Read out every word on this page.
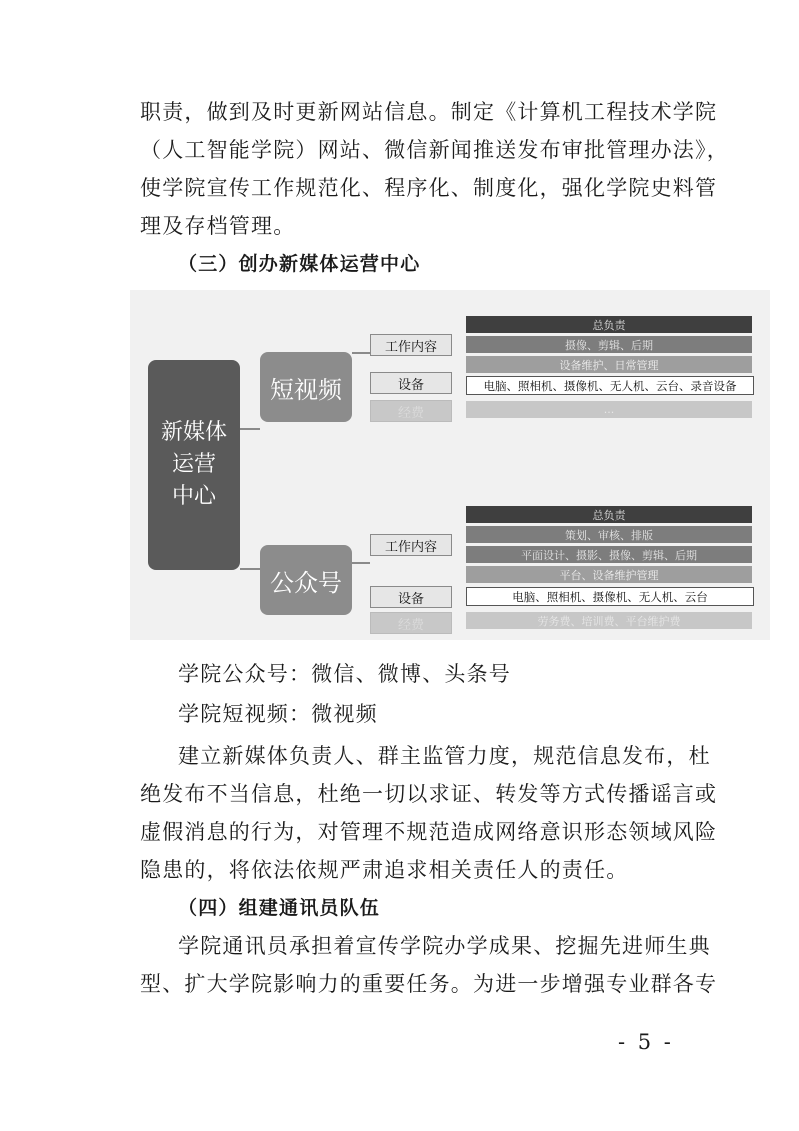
职责，做到及时更新网站信息。制定《计算机工程技术学院
（人工智能学院）网站、微信新闻推送发布审批管理办法》，
使学院宣传工作规范化、程序化、制度化，强化学院史料管
理及存档管理。
（三）创办新媒体运营中心
新媒体
运营
中心
短视频
工作内容
设备
经费
总负责
摄像、剪辑、后期
设备维护、日常管理
电脑、照相机、摄像机、无人机、云台、录音设备
...
公众号
工作内容
设备
经费
总负责
策划、审核、排版
平面设计、摄影、摄像、剪辑、后期
平台、设备维护管理
电脑、照相机、摄像机、无人机、云台
劳务费、培训费、平台维护费
学院公众号：微信、微博、头条号
学院短视频：微视频
建立新媒体负责人、群主监管力度，规范信息发布，杜
绝发布不当信息，杜绝一切以求证、转发等方式传播谣言或
虚假消息的行为，对管理不规范造成网络意识形态领域风险
隐患的，将依法依规严肃追求相关责任人的责任。
（四）组建通讯员队伍
学院通讯员承担着宣传学院办学成果、挖掘先进师生典
型、扩大学院影响力的重要任务。为进一步增强专业群各专
- 5 -
